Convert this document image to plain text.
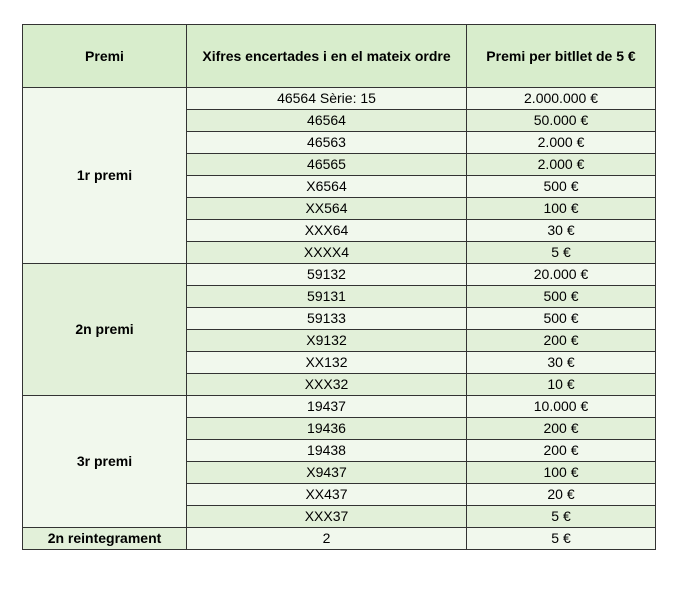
Premi	Xifres encertades i en el mateix ordre	Premi per bitllet de 5 €
1r premi	46564 Sèrie: 15	2.000.000 €
	46564	50.000 €
	46563	2.000 €
	46565	2.000 €
	X6564	500 €
	XX564	100 €
	XXX64	30 €
	XXXX4	5 €
2n premi	59132	20.000 €
	59131	500 €
	59133	500 €
	X9132	200 €
	XX132	30 €
	XXX32	10 €
3r premi	19437	10.000 €
	19436	200 €
	19438	200 €
	X9437	100 €
	XX437	20 €
	XXX37	5 €
2n reintegrament	2	5 €
